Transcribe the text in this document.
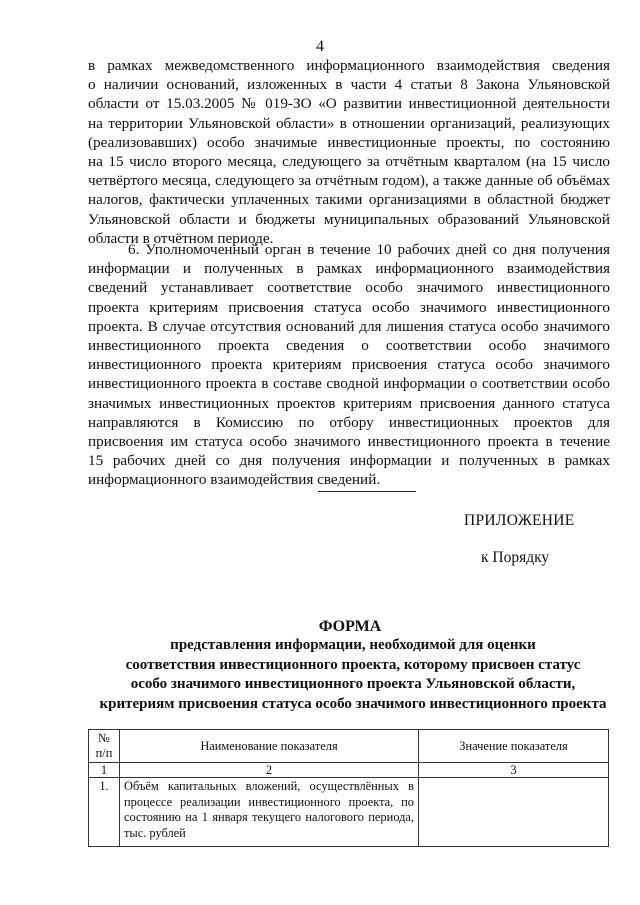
4

в рамках межведомственного информационного взаимодействия сведения

о наличии оснований, изложенных в части 4 статьи 8 Закона Ульяновской

области от 15.03.2005 № 019-ЗО «О развитии инвестиционной деятельности

на территории Ульяновской области» в отношении организаций, реализующих

(реализовавших) особо значимые инвестиционные проекты, по состоянию

на 15 число второго месяца, следующего за отчётным кварталом (на 15 число

четвёртого месяца, следующего за отчётным годом), а также данные об объёмах

налогов, фактически уплаченных такими организациями в областной бюджет

Ульяновской области и бюджеты муниципальных образований Ульяновской

области в отчётном периоде.

6. Уполномоченный орган в течение 10 рабочих дней со дня получения

информации и полученных в рамках информационного взаимодействия

сведений устанавливает соответствие особо значимого инвестиционного

проекта критериям присвоения статуса особо значимого инвестиционного

проекта. В случае отсутствия оснований для лишения статуса особо значимого

инвестиционного проекта сведения о соответствии особо значимого

инвестиционного проекта критериям присвоения статуса особо значимого

инвестиционного проекта в составе сводной информации о соответствии особо

значимых инвестиционных проектов критериям присвоения данного статуса

направляются в Комиссию по отбору инвестиционных проектов для

присвоения им статуса особо значимого инвестиционного проекта в течение

15 рабочих дней со дня получения информации и полученных в рамках

информационного взаимодействия сведений.

ПРИЛОЖЕНИЕ
к Порядку
ФОРМА
представления информации, необходимой для оценки
соответствия инвестиционного проекта, которому присвоен статус
особо значимого инвестиционного проекта Ульяновской области,
критериям присвоения статуса особо значимого инвестиционного проекта
№ п/п	Наименование показателя	Значение показателя
1	2	3
1.	Объём капитальных вложений, осуществлённых в процессе реализации инвестиционного проекта, по состоянию на 1 января текущего налогового периода, тыс. рублей	
